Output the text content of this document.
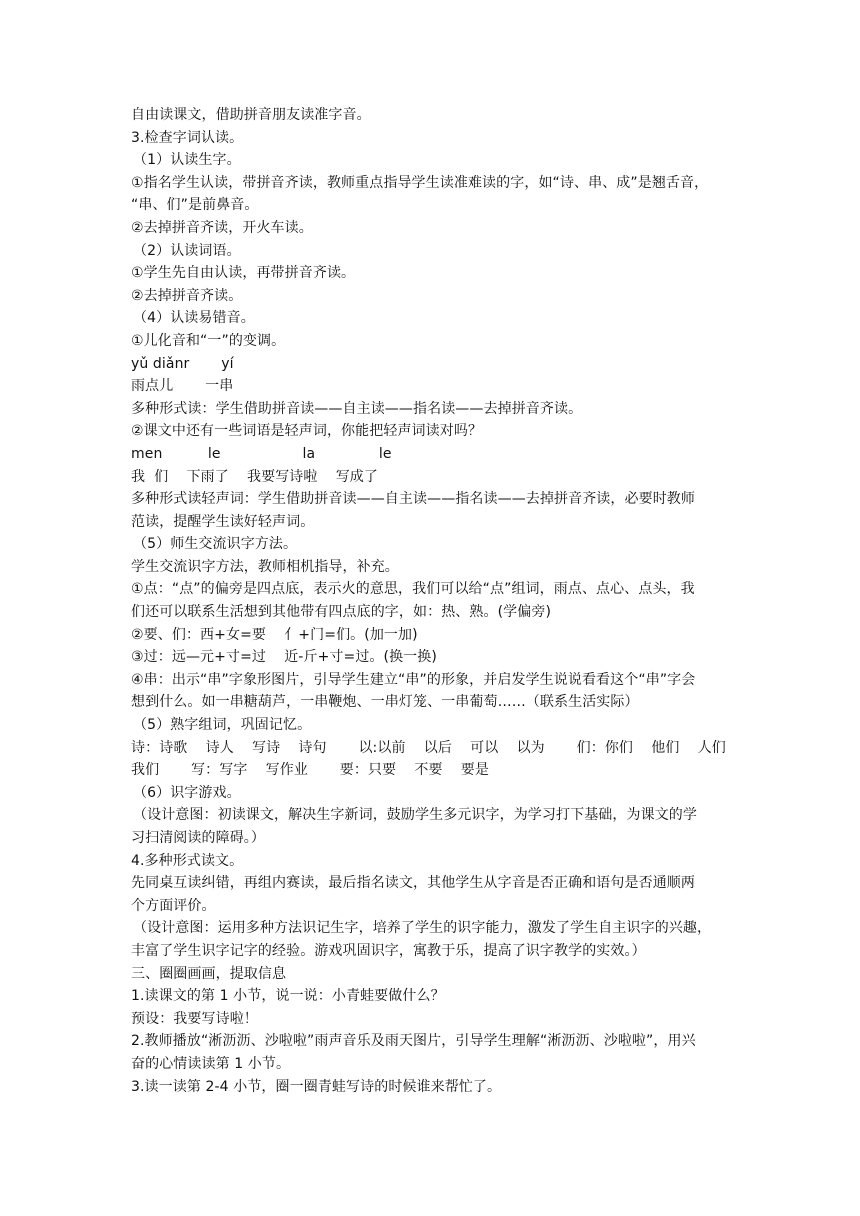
自由读课文，借助拼音朋友读准字音。
3.检查字词认读。
（1）认读生字。
①指名学生认读，带拼音齐读，教师重点指导学生读准难读的字，如“诗、串、成”是翘舌音，
“串、们”是前鼻音。
②去掉拼音齐读，开火车读。
（2）认读词语。
①学生先自由认读，再带拼音齐读。
②去掉拼音齐读。
（4）认读易错音。
①儿化音和“一”的变调。
yǔ diǎnr       yí
雨点儿       一串
多种形式读：学生借助拼音读——自主读——指名读——去掉拼音齐读。
②课文中还有一些词语是轻声词，你能把轻声词读对吗？
men          le                  la              le
我  们    下雨了    我要写诗啦    写成了
多种形式读轻声词：学生借助拼音读——自主读——指名读——去掉拼音齐读，必要时教师
范读，提醒学生读好轻声词。
（5）师生交流识字方法。
学生交流识字方法，教师相机指导，补充。
①点：“点”的偏旁是四点底，表示火的意思，我们可以给“点”组词，雨点、点心、点头，我
们还可以联系生活想到其他带有四点底的字，如：热、熟。(学偏旁)
②要、们：西+女=要    亻+门=们。(加一加)
③过：远—元+寸=过    近-斤+寸=过。(换一换)
④串：出示“串”字象形图片，引导学生建立“串”的形象，并启发学生说说看看这个“串”字会
想到什么。如一串糖葫芦，一串鞭炮、一串灯笼、一串葡萄……（联系生活实际）
（5）熟字组词，巩固记忆。
诗：诗歌    诗人    写诗    诗句       以:以前    以后    可以    以为       们：你们    他们    人们
我们       写：写字    写作业       要：只要    不要    要是
（6）识字游戏。
（设计意图：初读课文，解决生字新词，鼓励学生多元识字，为学习打下基础，为课文的学
习扫清阅读的障碍。）
4.多种形式读文。
先同桌互读纠错，再组内赛读，最后指名读文，其他学生从字音是否正确和语句是否通顺两
个方面评价。
（设计意图：运用多种方法识记生字，培养了学生的识字能力，激发了学生自主识字的兴趣，
丰富了学生识字记字的经验。游戏巩固识字，寓教于乐，提高了识字教学的实效。）
三、圈圈画画，提取信息
1.读课文的第 1 小节，说一说：小青蛙要做什么？
预设：我要写诗啦！
2.教师播放“淅沥沥、沙啦啦”雨声音乐及雨天图片，引导学生理解“淅沥沥、沙啦啦”，用兴
奋的心情读读第 1 小节。
3.读一读第 2-4 小节，圈一圈青蛙写诗的时候谁来帮忙了。
